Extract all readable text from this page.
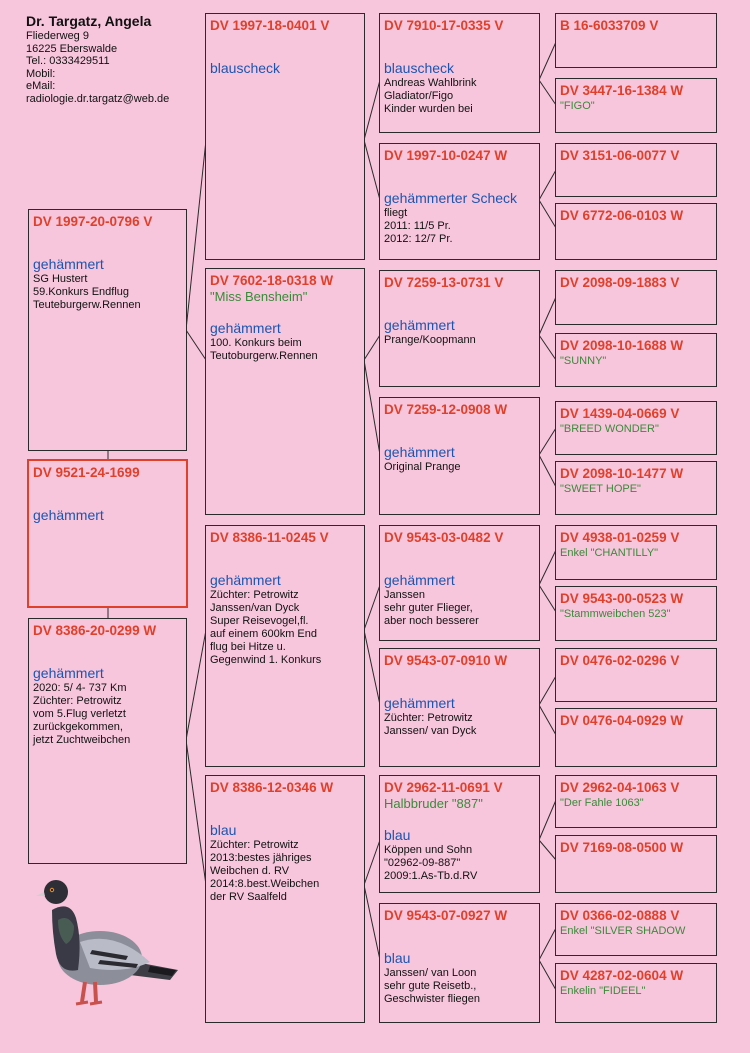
Dr. Targatz, Angela
Fliederweg 9
16225 Eberswalde
Tel.: 0333429511
Mobil:
eMail:
radiologie.dr.targatz@web.de
DV 1997-20-0796 V
gehämmert
SG Hustert
59.Konkurs Endflug
Teuteburgerw.Rennen
DV 9521-24-1699
gehämmert
DV 8386-20-0299 W
gehämmert
2020: 5/ 4- 737 Km
Züchter: Petrowitz
vom 5.Flug verletzt
zurückgekommen,
jetzt Zuchtweibchen
DV 1997-18-0401 V
blauscheck
DV 7602-18-0318 W
"Miss Bensheim"
gehämmert
100. Konkurs beim
Teutoburgerw.Rennen
DV 8386-11-0245 V
gehämmert
Züchter: Petrowitz
Janssen/van Dyck
Super Reisevogel,fl.
auf einem 600km End
flug bei Hitze u.
Gegenwind 1. Konkurs
DV 8386-12-0346 W
blau
Züchter: Petrowitz
2013:bestes jähriges
Weibchen d. RV
2014:8.best.Weibchen
der RV Saalfeld
DV 7910-17-0335 V
blauscheck
Andreas Wahlbrink
Gladiator/Figo
Kinder wurden bei
DV 1997-10-0247 W
gehämmerter Scheck
fliegt
2011: 11/5 Pr.
2012: 12/7 Pr.
DV 7259-13-0731 V
gehämmert
Prange/Koopmann
DV 7259-12-0908 W
gehämmert
Original Prange
DV 9543-03-0482 V
gehämmert
Janssen
sehr guter Flieger,
aber noch besserer
DV 9543-07-0910 W
gehämmert
Züchter: Petrowitz
Janssen/ van Dyck
DV 2962-11-0691 V
Halbbruder "887"
blau
Köppen und Sohn
"02962-09-887"
2009:1.As-Tb.d.RV
DV 9543-07-0927 W
blau
Janssen/ van Loon
sehr gute Reisetb.,
Geschwister fliegen
B 16-6033709 V
DV 3447-16-1384 W
"FIGO"
DV 3151-06-0077 V
DV 6772-06-0103 W
DV 2098-09-1883 V
DV 2098-10-1688 W
"SUNNY"
DV 1439-04-0669 V
"BREED WONDER"
DV 2098-10-1477 W
"SWEET HOPE"
DV 4938-01-0259 V
Enkel "CHANTILLY"
DV 9543-00-0523 W
"Stammweibchen 523"
DV 0476-02-0296 V
DV 0476-04-0929 W
DV 2962-04-1063 V
"Der Fahle 1063"
DV 7169-08-0500 W
DV 0366-02-0888 V
Enkel "SILVER SHADOW
DV 4287-02-0604 W
Enkelin "FIDEEL"
